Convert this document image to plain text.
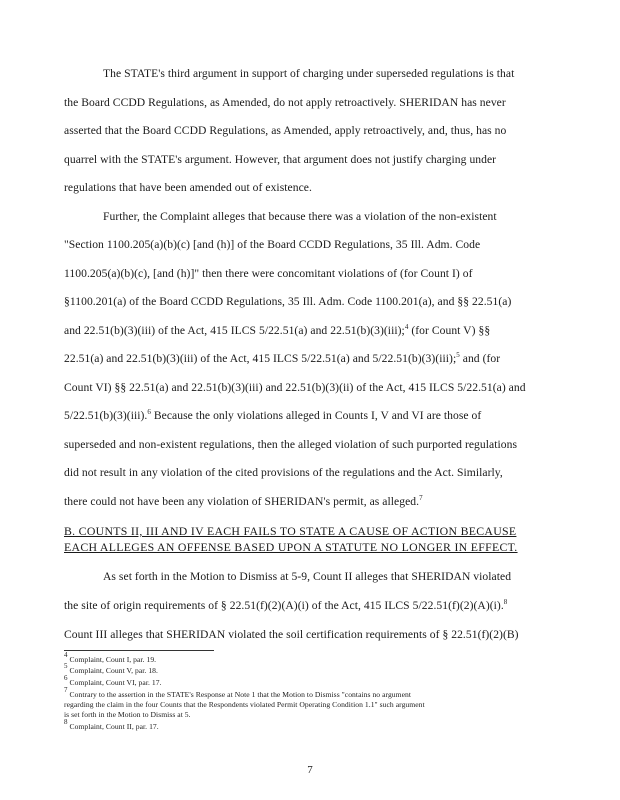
The STATE's third argument in support of charging under superseded regulations is that
the Board CCDD Regulations, as Amended, do not apply retroactively. SHERIDAN has never
asserted that the Board CCDD Regulations, as Amended, apply retroactively, and, thus, has no
quarrel with the STATE's argument. However, that argument does not justify charging under
regulations that have been amended out of existence.
Further, the Complaint alleges that because there was a violation of the non-existent
"Section 1100.205(a)(b)(c) [and (h)] of the Board CCDD Regulations, 35 Ill. Adm. Code
1100.205(a)(b)(c), [and (h)]" then there were concomitant violations of (for Count I) of
§1100.201(a) of the Board CCDD Regulations, 35 Ill. Adm. Code 1100.201(a), and §§ 22.51(a)
and 22.51(b)(3)(iii) of the Act, 415 ILCS 5/22.51(a) and 22.51(b)(3)(iii);$^4$ (for Count V) §§
22.51(a) and 22.51(b)(3)(iii) of the Act, 415 ILCS 5/22.51(a) and 5/22.51(b)(3)(iii);$^5$ and (for
Count VI) §§ 22.51(a) and 22.51(b)(3)(iii) and 22.51(b)(3)(ii) of the Act, 415 ILCS 5/22.51(a) and
5/22.51(b)(3)(iii).$^6$ Because the only violations alleged in Counts I, V and VI are those of
superseded and non-existent regulations, then the alleged violation of such purported regulations
did not result in any violation of the cited provisions of the regulations and the Act. Similarly,
there could not have been any violation of SHERIDAN's permit, as alleged.$^7$
B. COUNTS II, III AND IV EACH FAILS TO STATE A CAUSE OF ACTION BECAUSE
EACH ALLEGES AN OFFENSE BASED UPON A STATUTE NO LONGER IN EFFECT.
As set forth in the Motion to Dismiss at 5-9, Count II alleges that SHERIDAN violated
the site of origin requirements of § 22.51(f)(2)(A)(i) of the Act, 415 ILCS 5/22.51(f)(2)(A)(i).$^8$
Count III alleges that SHERIDAN violated the soil certification requirements of § 22.51(f)(2)(B)
$^4$ Complaint, Count I, par. 19.
$^5$ Complaint, Count V, par. 18.
$^6$ Complaint, Count VI, par. 17.
$^7$ Contrary to the assertion in the STATE's Response at Note 1 that the Motion to Dismiss "contains no argument
regarding the claim in the four Counts that the Respondents violated Permit Operating Condition 1.1" such argument
is set forth in the Motion to Dismiss at 5.
$^8$ Complaint, Count II, par. 17.
7
